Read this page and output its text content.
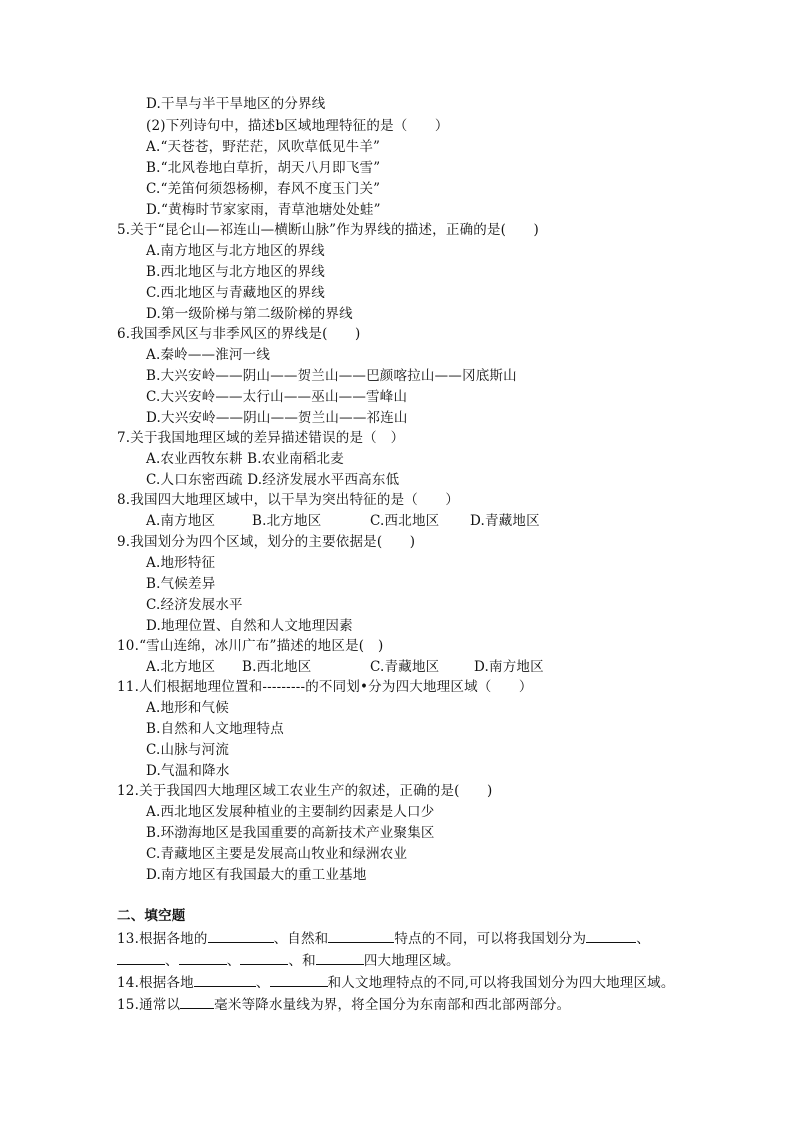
D.干旱与半干旱地区的分界线
(2)下列诗句中，描述b区域地理特征的是（　　）
A.“天苍苍，野茫茫，风吹草低见牛羊”
B.“北风卷地白草折，胡天八月即飞雪”
C.“羌笛何须怨杨柳，春风不度玉门关”
D.“黄梅时节家家雨，青草池塘处处蛙”
5.关于“昆仑山—祁连山—横断山脉”作为界线的描述，正确的是(　　)
A.南方地区与北方地区的界线
B.西北地区与北方地区的界线
C.西北地区与青藏地区的界线
D.第一级阶梯与第二级阶梯的界线
6.我国季风区与非季风区的界线是(　　)
A.秦岭——淮河一线
B.大兴安岭——阴山——贺兰山——巴颜喀拉山——冈底斯山
C.大兴安岭——太行山——巫山——雪峰山
D.大兴安岭——阴山——贺兰山——祁连山
7.关于我国地理区域的差异描述错误的是（　）
A.农业西牧东耕 B.农业南稻北麦
C.人口东密西疏 D.经济发展水平西高东低
8.我国四大地理区域中，以干旱为突出特征的是（　　）
A.南方地区	B.北方地区	C.西北地区 D.青藏地区
9.我国划分为四个区域，划分的主要依据是(　　)
A.地形特征
B.气候差异
C.经济发展水平
D.地理位置、自然和人文地理因素
10.“雪山连绵，冰川广布”描述的地区是(　)
A.北方地区 B.西北地区	C.青藏地区	D.南方地区
11.人们根据地理位置和---------的不同划•分为四大地理区域（　　）
A.地形和气候
B.自然和人文地理特点
C.山脉与河流
D.气温和降水
12.关于我国四大地理区域工农业生产的叙述，正确的是(　　)
A.西北地区发展种植业的主要制约因素是人口少
B.环渤海地区是我国重要的高新技术产业聚集区
C.青藏地区主要是发展高山牧业和绿洲农业
D.南方地区有我国最大的重工业基地
二、填空题
13.根据各地的	、自然和	特点的不同，可以将我国划分为	、
、	、	、和	四大地理区域。
14.根据各地	、	和人文地理特点的不同,可以将我国划分为四大地理区域。
15.通常以	毫米等降水量线为界，将全国分为东南部和西北部两部分。
